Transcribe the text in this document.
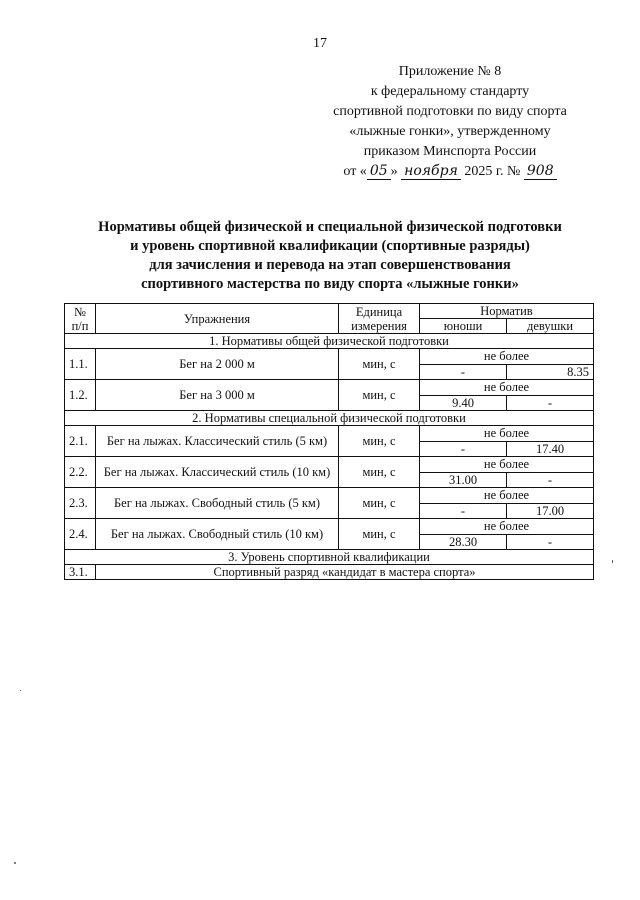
17
Приложение № 8
к федеральному стандарту
спортивной подготовки по виду спорта
«лыжные гонки», утвержденному
приказом Минспорта России
от « 05 » ноября 2025 г. № 908
Нормативы общей физической и специальной физической подготовки
и уровень спортивной квалификации (спортивные разряды)
для зачисления и перевода на этап совершенствования
спортивного мастерства по виду спорта «лыжные гонки»
№ п/п	Упражнения	Единица измерения	Норматив	
			юноши	девушки
1. Нормативы общей физической подготовки				
1.1.	Бег на 2 000 м	мин, с	не более	
			-	8.35
1.2.	Бег на 3 000 м	мин, с	не более	
			9.40	-
2. Нормативы специальной физической подготовки				
2.1.	Бег на лыжах. Классический стиль (5 км)	мин, с	не более	
			-	17.40
2.2.	Бег на лыжах. Классический стиль (10 км)	мин, с	не более	
			31.00	-
2.3.	Бег на лыжах. Свободный стиль (5 км)	мин, с	не более	
			-	17.00
2.4.	Бег на лыжах. Свободный стиль (10 км)	мин, с	не более	
			28.30	-
3. Уровень спортивной квалификации				
3.1.	Спортивный разряд «кандидат в мастера спорта»			
